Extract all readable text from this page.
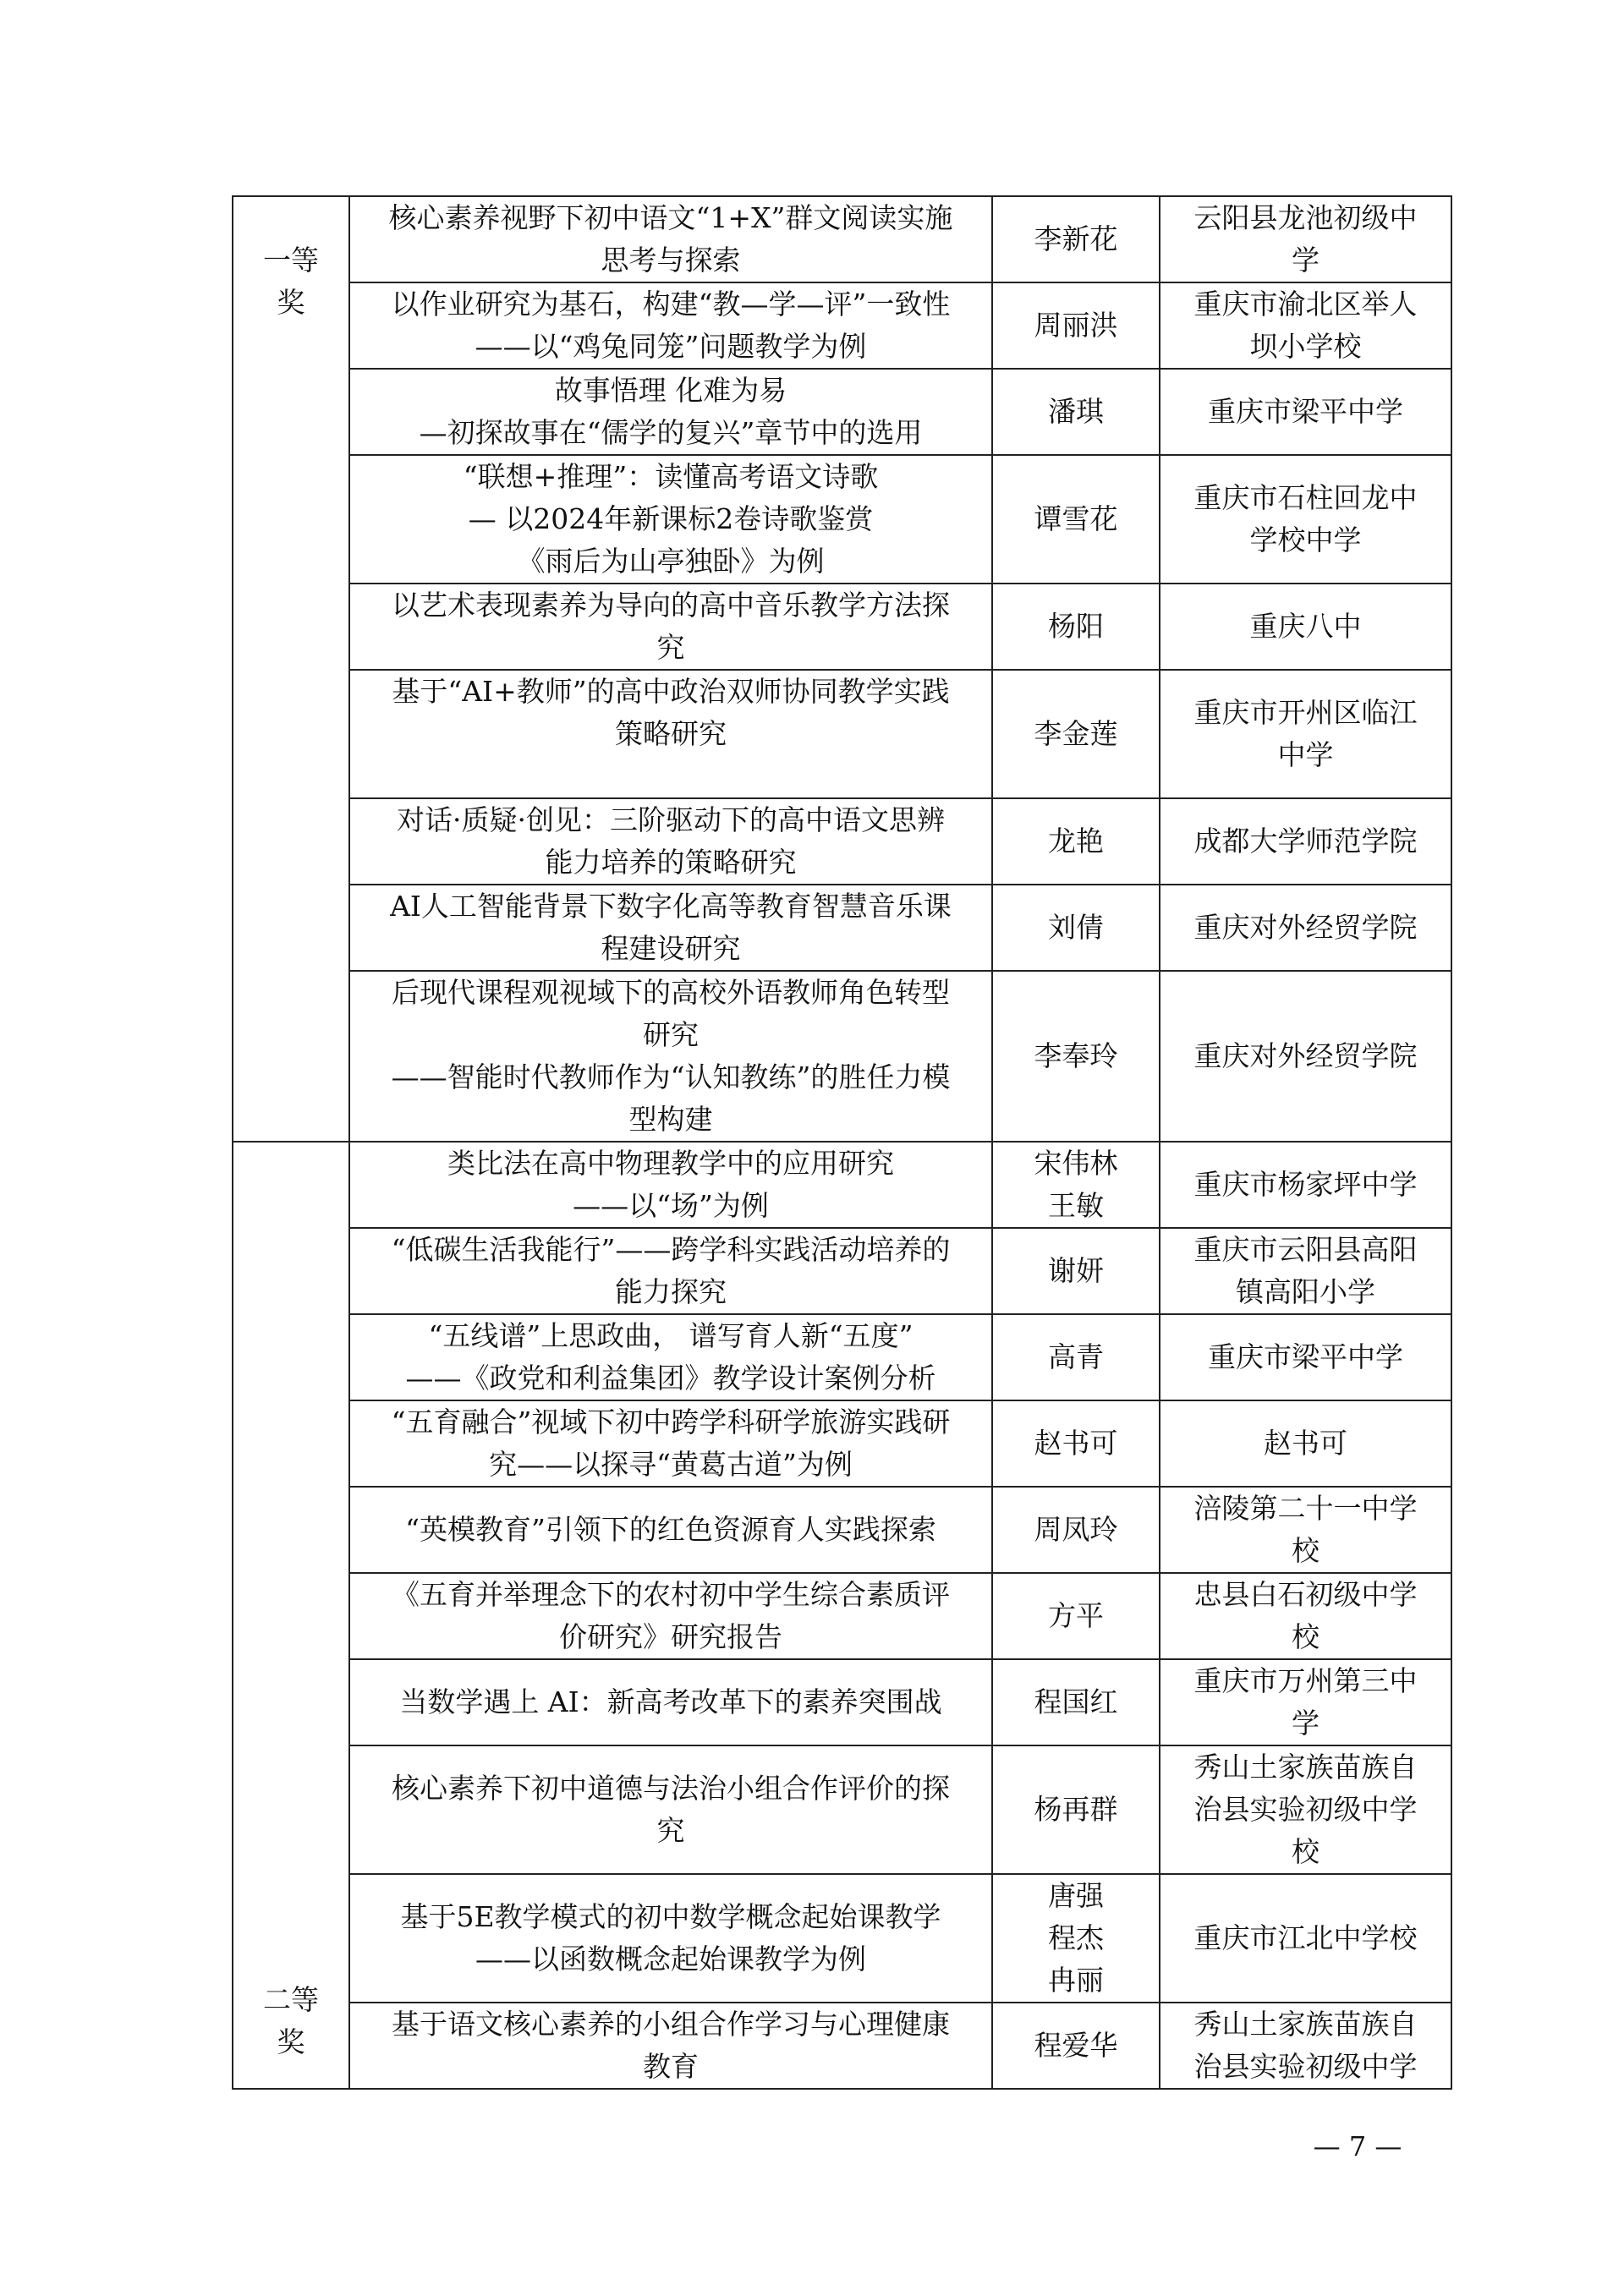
一等
奖	核心素养视野下初中语文“1+X”群文阅读实施
思考与探索	李新花	云阳县龙池初级中
学

	以作业研究为基石，构建“教—学—评”一致性
——以“鸡兔同笼”问题教学为例	周丽洪	重庆市渝北区举人
坝小学校

	故事悟理 化难为易
—初探故事在“儒学的复兴”章节中的选用	潘琪	重庆市梁平中学

	“联想+推理”：读懂高考语文诗歌
— 以2024年新课标2卷诗歌鉴赏
《雨后为山亭独卧》为例	谭雪花	重庆市石柱回龙中
学校中学

	以艺术表现素养为导向的高中音乐教学方法探
究	杨阳	重庆八中

	基于“AI+教师”的高中政治双师协同教学实践
策略研究	李金莲	重庆市开州区临江
中学

	对话·质疑·创见：三阶驱动下的高中语文思辨
能力培养的策略研究	龙艳	成都大学师范学院

	AI人工智能背景下数字化高等教育智慧音乐课
程建设研究	刘倩	重庆对外经贸学院

	后现代课程观视域下的高校外语教师角色转型
研究
——智能时代教师作为“认知教练”的胜任力模
型构建	李奉玲	重庆对外经贸学院

二等
奖	类比法在高中物理教学中的应用研究
——以“场”为例	宋伟林
王敏	重庆市杨家坪中学

	“低碳生活我能行”——跨学科实践活动培养的
能力探究	谢妍	重庆市云阳县高阳
镇高阳小学

	“五线谱”上思政曲， 谱写育人新“五度”
——《政党和利益集团》教学设计案例分析	高青	重庆市梁平中学

	“五育融合”视域下初中跨学科研学旅游实践研
究——以探寻“黄葛古道”为例	赵书可	赵书可

	“英模教育”引领下的红色资源育人实践探索	周凤玲	涪陵第二十一中学
校

	《五育并举理念下的农村初中学生综合素质评
价研究》研究报告	方平	忠县白石初级中学
校

	当数学遇上 AI：新高考改革下的素养突围战	程国红	重庆市万州第三中
学

	核心素养下初中道德与法治小组合作评价的探
究	杨再群	秀山土家族苗族自
治县实验初级中学
校

	基于5E教学模式的初中数学概念起始课教学
——以函数概念起始课教学为例	唐强
程杰
冉丽	重庆市江北中学校

	基于语文核心素养的小组合作学习与心理健康
教育	程爱华	秀山土家族苗族自
治县实验初级中学
— 7 —
